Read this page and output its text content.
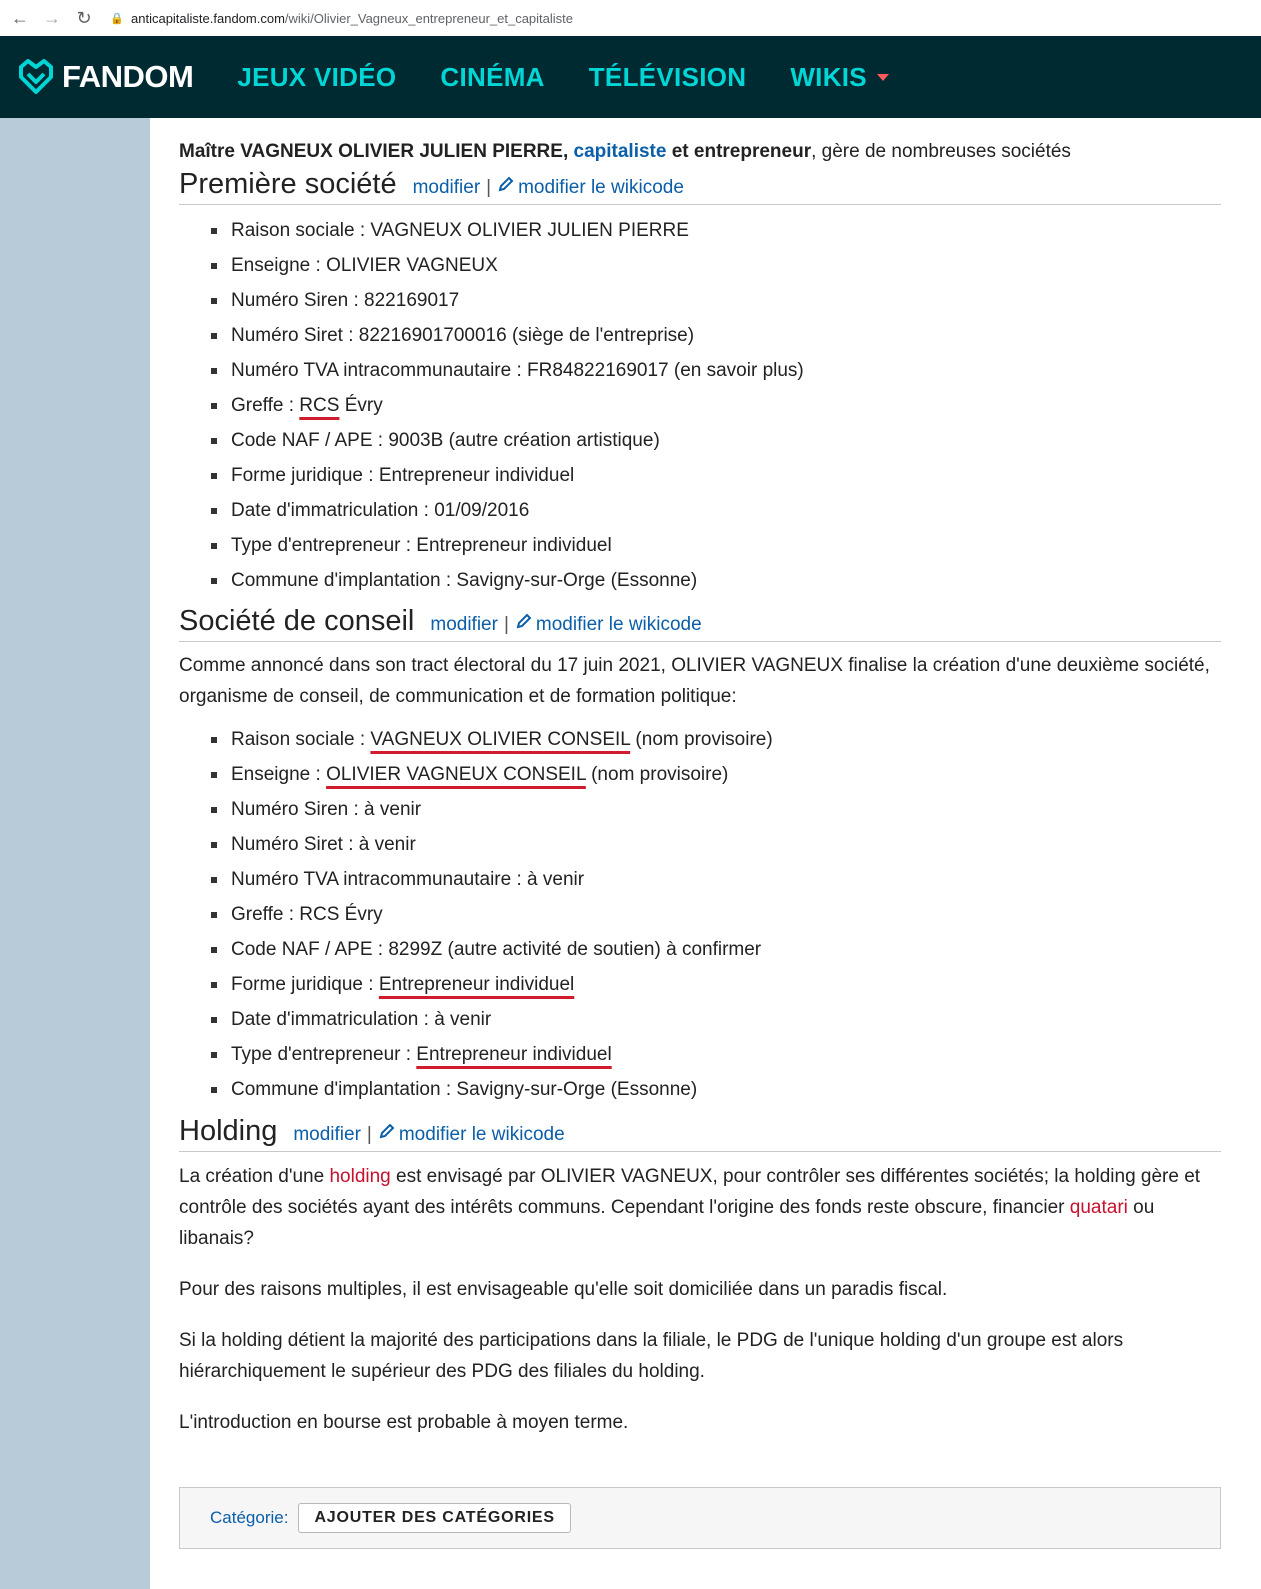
← → ↻	🔒 anticapitaliste.fandom.com /wiki/Olivier_Vagneux_entrepreneur_et_capitaliste
FANDOM JEUX VIDÉO CINÉMA TÉLÉVISION WIKIS
Maître VAGNEUX OLIVIER JULIEN PIERRE, capitaliste et entrepreneur, gère de nombreuses sociétés
Première société modifier | modifier le wikicode
Raison sociale : VAGNEUX OLIVIER JULIEN PIERRE
Enseigne : OLIVIER VAGNEUX
Numéro Siren : 822169017
Numéro Siret : 82216901700016 (siège de l'entreprise)
Numéro TVA intracommunautaire : FR84822169017 (en savoir plus)
Greffe : RCS Évry
Code NAF / APE : 9003B (autre création artistique)
Forme juridique : Entrepreneur individuel
Date d'immatriculation : 01/09/2016
Type d'entrepreneur : Entrepreneur individuel
Commune d'implantation : Savigny-sur-Orge (Essonne)
Société de conseil modifier | modifier le wikicode

Comme annoncé dans son tract électoral du 17 juin 2021, OLIVIER VAGNEUX finalise la création d'une deuxième société, organisme de conseil, de communication et de formation politique:

Raison sociale : VAGNEUX OLIVIER CONSEIL (nom provisoire)
Enseigne : OLIVIER VAGNEUX CONSEIL (nom provisoire)
Numéro Siren : à venir
Numéro Siret : à venir
Numéro TVA intracommunautaire : à venir
Greffe : RCS Évry
Code NAF / APE : 8299Z (autre activité de soutien) à confirmer
Forme juridique : Entrepreneur individuel
Date d'immatriculation : à venir
Type d'entrepreneur : Entrepreneur individuel
Commune d'implantation : Savigny-sur-Orge (Essonne)
Holding modifier | modifier le wikicode

La création d'une holding est envisagé par OLIVIER VAGNEUX, pour contrôler ses différentes sociétés; la holding gère et contrôle des sociétés ayant des intérêts communs. Cependant l'origine des fonds reste obscure, financier quatari ou libanais?

Pour des raisons multiples, il est envisageable qu'elle soit domiciliée dans un paradis fiscal.

Si la holding détient la majorité des participations dans la filiale, le PDG de l'unique holding d'un groupe est alors hiérarchiquement le supérieur des PDG des filiales du holding.

L'introduction en bourse est probable à moyen terme.

Catégorie:	AJOUTER DES CATÉGORIES
